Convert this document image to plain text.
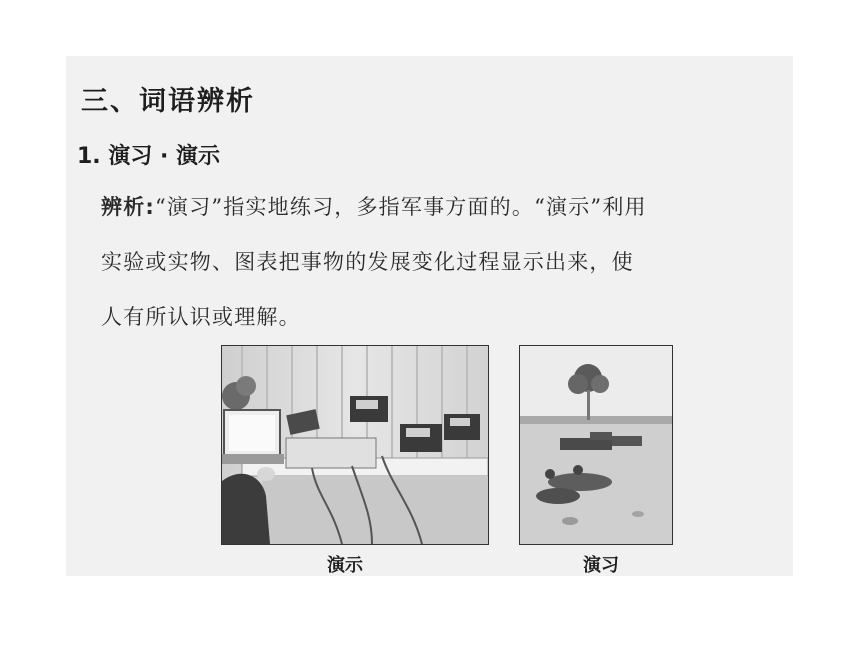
三、词语辨析
1. 演习 · 演示

辨析:“演习”指实地练习，多指军事方面的。“演示”利用
实验或实物、图表把事物的发展变化过程显示出来，使
人有所认识或理解。

演示	演习
